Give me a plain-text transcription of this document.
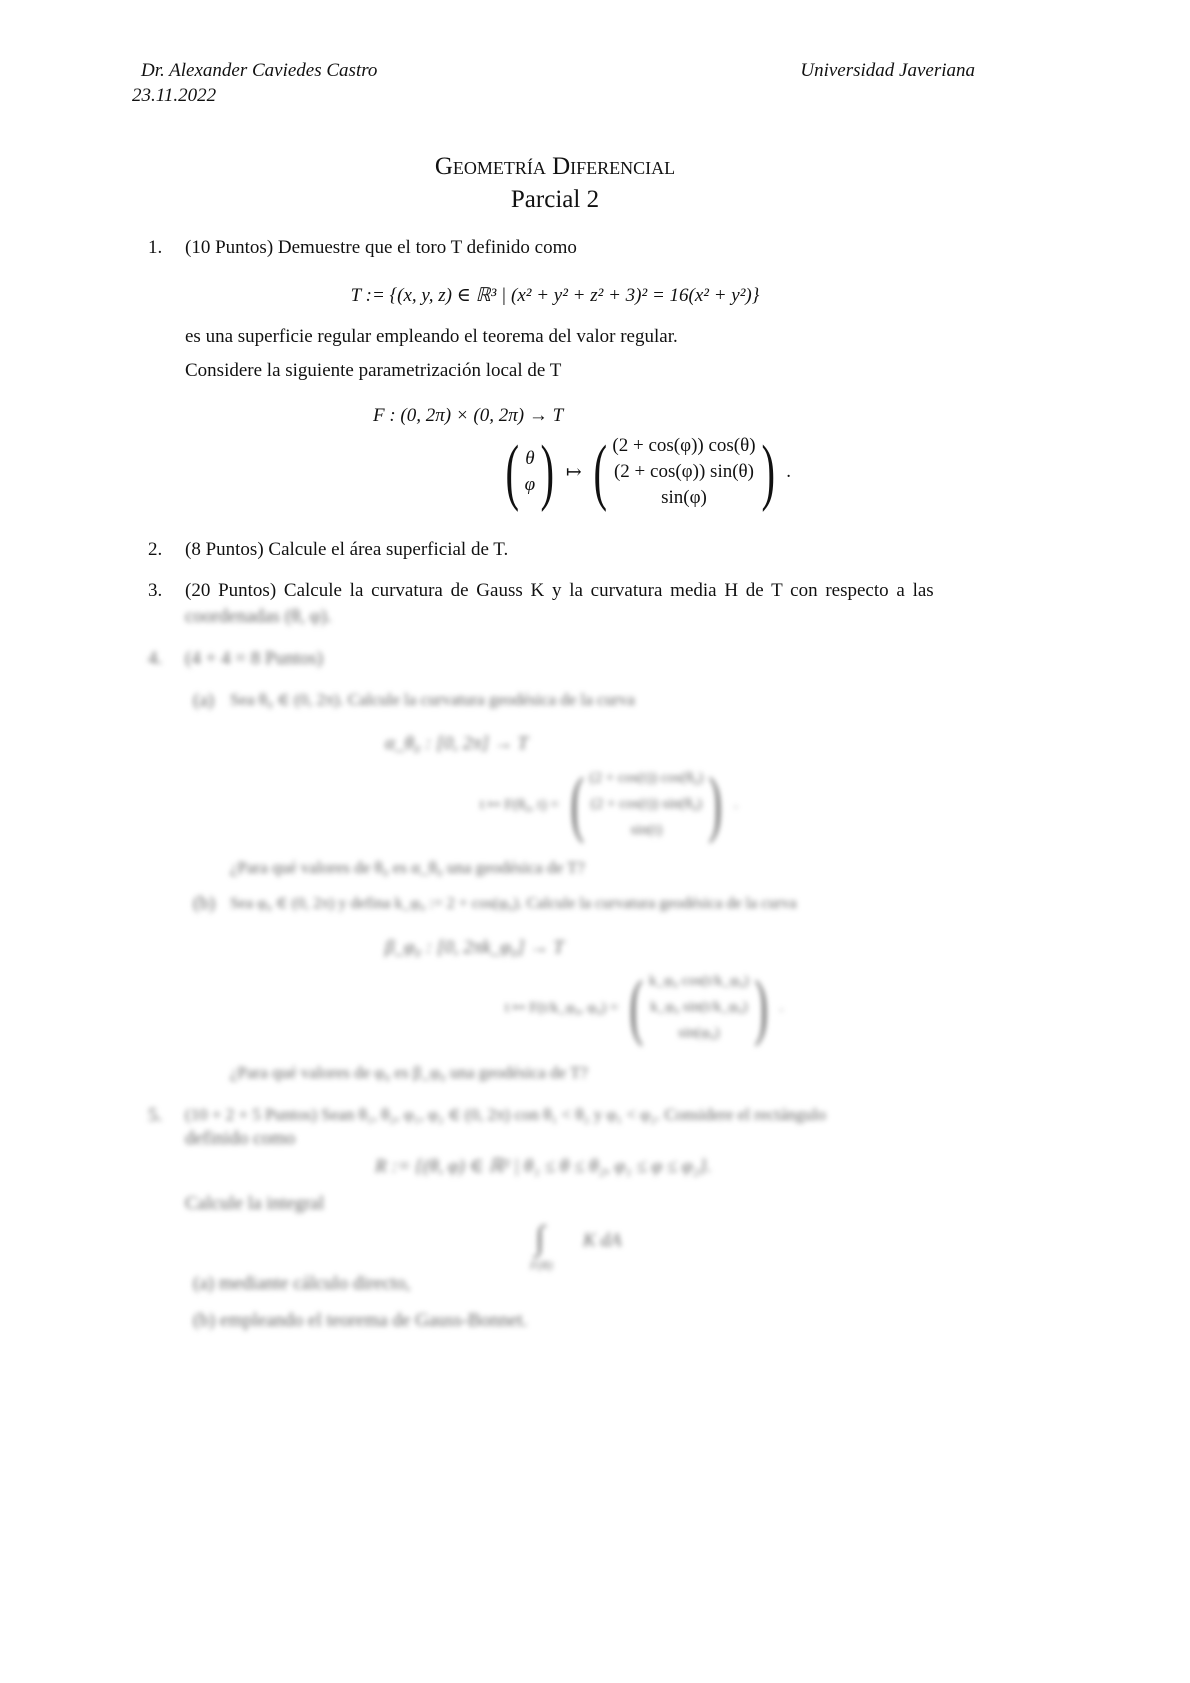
Dr. Alexander Caviedes Castro
23.11.2022
Universidad Javeriana
Geometría Diferencial
Parcial 2
1. (10 Puntos) Demuestre que el toro T definido como
T := {(x, y, z) ∈ ℝ³ | (x² + y² + z² + 3)² = 16(x² + y²)}
es una superficie regular empleando el teorema del valor regular.
Considere la siguiente parametrización local de T
F : (0, 2π) × (0, 2π) → T
( θ
φ ) ↦ ( (2 + cos(φ)) cos(θ)
(2 + cos(φ)) sin(θ)
sin(φ) ) .
2. (8 Puntos) Calcule el área superficial de T.
3. (20 Puntos) Calcule la curvatura de Gauss K y la curvatura media H de T con respecto a las
coordenadas (θ, φ).
4. (4 + 4 = 8 Puntos)
(a) Sea θ₀ ∈ (0, 2π). Calcule la curvatura geodésica de la curva
α_θ₀ : [0, 2π] → T
t ↦ F(θ₀, t) = ( (2 + cos(t)) cos(θ₀)
(2 + cos(t)) sin(θ₀)
sin(t) ) .
¿Para qué valores de θ₀ es α_θ₀ una geodésica de T?
(b) Sea φ₀ ∈ (0, 2π) y defina k_φ₀ := 2 + cos(φ₀). Calcule la curvatura geodésica de la curva
β_φ₀ : [0, 2πk_φ₀] → T
t ↦ F(t/k_φ₀, φ₀) = ( k_φ₀ cos(t/k_φ₀)
k_φ₀ sin(t/k_φ₀)
sin(φ₀) ) .
¿Para qué valores de φ₀ es β_φ₀ una geodésica de T?
5. (10 + 2 + 5 Puntos) Sean θ₁, θ₂, φ₁, φ₂ ∈ (0, 2π) con θ₁ < θ₂ y φ₁ < φ₂. Considere el rectángulo
definido como
R := {(θ, φ) ∈ ℝ² | θ₁ ≤ θ ≤ θ₂, φ₁ ≤ φ ≤ φ₂}.
Calcule la integral
∫
F(R)
K dA
(a) mediante cálculo directo,
(b) empleando el teorema de Gauss-Bonnet.
